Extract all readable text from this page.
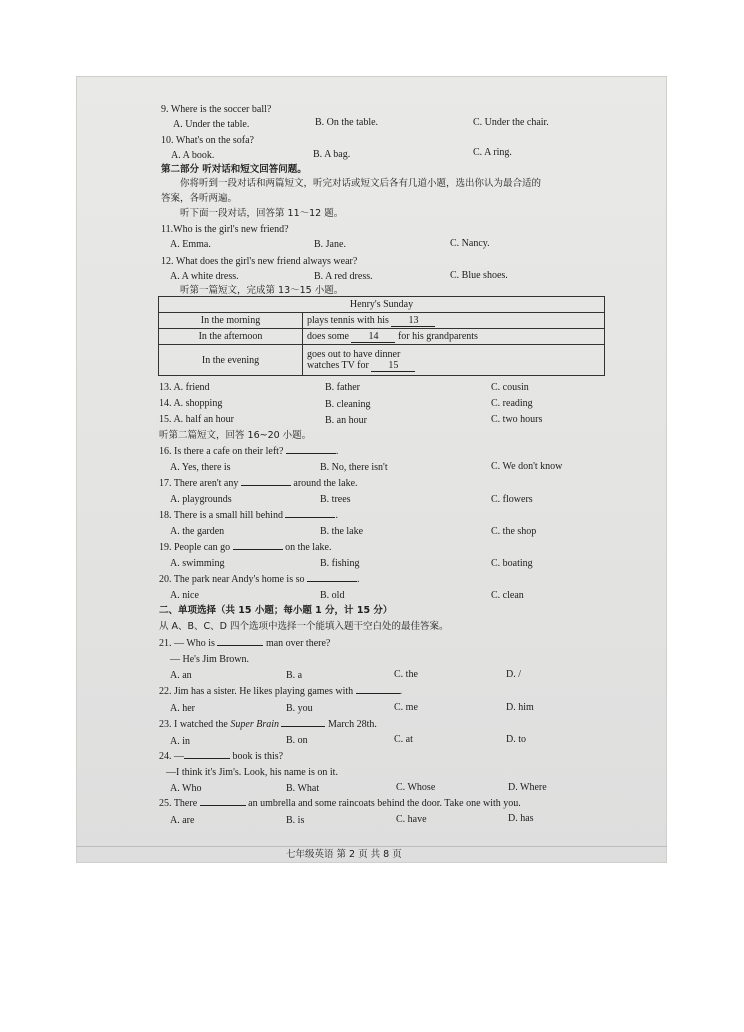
9. Where is the soccer ball?
A. Under the table.	B. On the table.	C. Under the chair.
10. What's on the sofa?
A. A book.	B. A bag.	C. A ring.
第二部分 听对话和短文回答问题。
你将听到一段对话和两篇短文，听完对话或短文后各有几道小题，选出你认为最合适的
答案，各听两遍。
听下面一段对话，回答第 11～12 题。
11.Who is the girl's new friend?
A. Emma.	B. Jane.	C. Nancy.
12. What does the girl's new friend always wear?
A. A white dress.	B. A red dress.	C. Blue shoes.
听第一篇短文，完成第 13～15 小题。
Henry's Sunday	
In the morning	plays tennis with his 13
In the afternoon	does some 14 for his grandparents
In the evening	goes out to have dinner
watches TV for 15
13. A. friend	B. father	C. cousin
14. A. shopping	B. cleaning	C. reading
15. A. half an hour	B. an hour	C. two hours
听第二篇短文，回答 16~20 小题。
16. Is there a cafe on their left?	.
A. Yes, there is	B. No, there isn't	C. We don't know
17. There aren't any	around the lake.
A. playgrounds	B. trees	C. flowers
18. There is a small hill behind	.
A. the garden	B. the lake	C. the shop
19. People can go	on the lake.
A. swimming	B. fishing	C. boating
20. The park near Andy's home is so	.
A. nice	B. old	C. clean
二、单项选择（共 15 小题；每小题 1 分，计 15 分）
从 A、B、C、D 四个选项中选择一个能填入题干空白处的最佳答案。
21. — Who is	man over there?
— He's Jim Brown.
A. an	B. a	C. the	D. /
22. Jim has a sister. He likes playing games with	.
A. her	B. you	C. me	D. him
23. I watched the Super Brain	March 28th.
A. in	B. on	C. at	D. to
24. —	book is this?
—I think it's Jim's. Look, his name is on it.
A. Who	B. What	C. Whose	D. Where
25. There	an umbrella and some raincoats behind the door. Take one with you.
A. are	B. is	C. have	D. has
七年级英语 第 2 页 共 8 页
